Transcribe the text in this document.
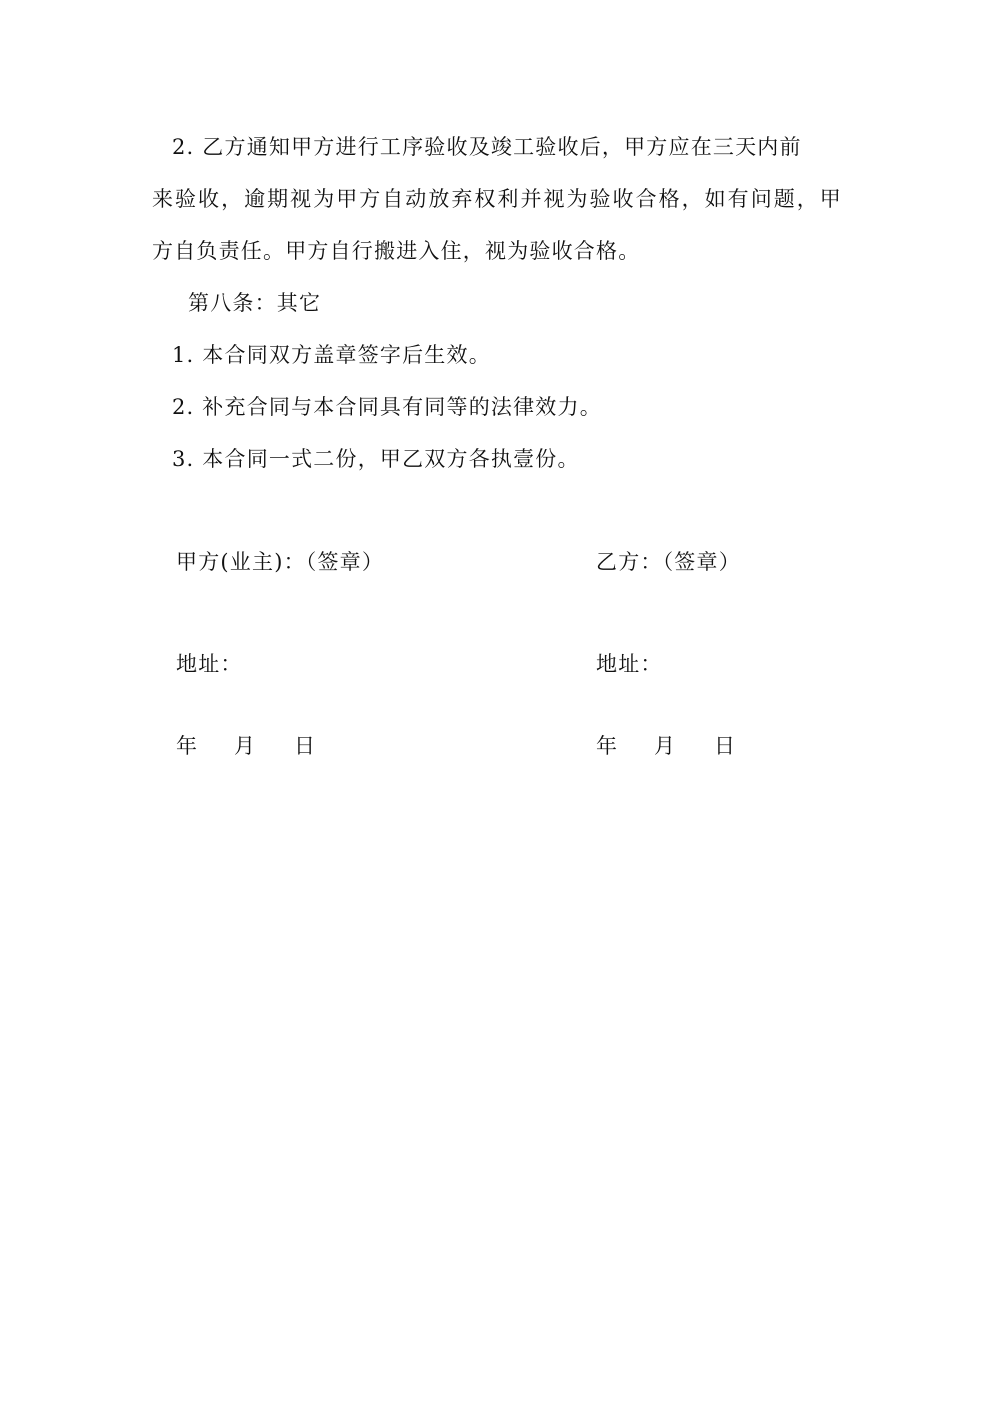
2. 乙方通知甲方进行工序验收及竣工验收后，甲方应在三天内前
来验收，逾期视为甲方自动放弃权利并视为验收合格，如有问题，甲
方自负责任。甲方自行搬进入住，视为验收合格。
第八条：其它
1. 本合同双方盖章签字后生效。
2. 补充合同与本合同具有同等的法律效力。
3. 本合同一式二份，甲乙双方各执壹份。
甲方(业主)：（签章）
地址：
年 月 日
乙方：（签章）
地址：
年 月 日
